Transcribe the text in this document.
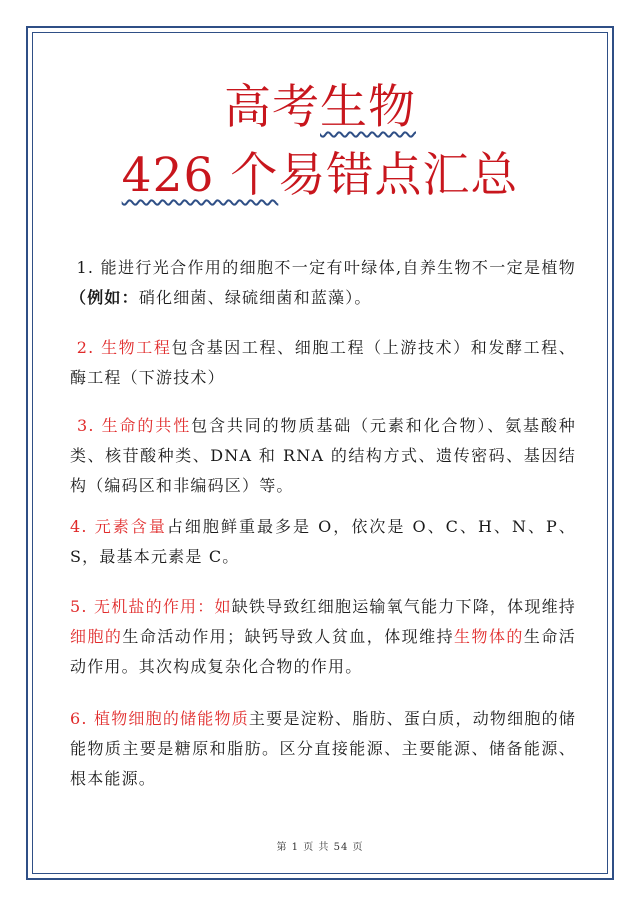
高考生物
426 个易错点汇总

1. 能进行光合作用的细胞不一定有叶绿体,自养生物不一定是植物（例如：硝化细菌、绿硫细菌和蓝藻）。

2. 生物工程包含基因工程、细胞工程（上游技术）和发酵工程、酶工程（下游技术）

3. 生命的共性包含共同的物质基础（元素和化合物）、氨基酸种类、核苷酸种类、DNA 和 RNA 的结构方式、遗传密码、基因结构（编码区和非编码区）等。

4. 元素含量占细胞鲜重最多是 O，依次是 O、C、H、N、P、S，最基本元素是 C。

5. 无机盐的作用：如缺铁导致红细胞运输氧气能力下降，体现维持细胞的生命活动作用；缺钙导致人贫血，体现维持生物体的生命活动作用。其次构成复杂化合物的作用。

6. 植物细胞的储能物质主要是淀粉、脂肪、蛋白质，动物细胞的储能物质主要是糖原和脂肪。区分直接能源、主要能源、储备能源、根本能源。

第 1 页 共 54 页
